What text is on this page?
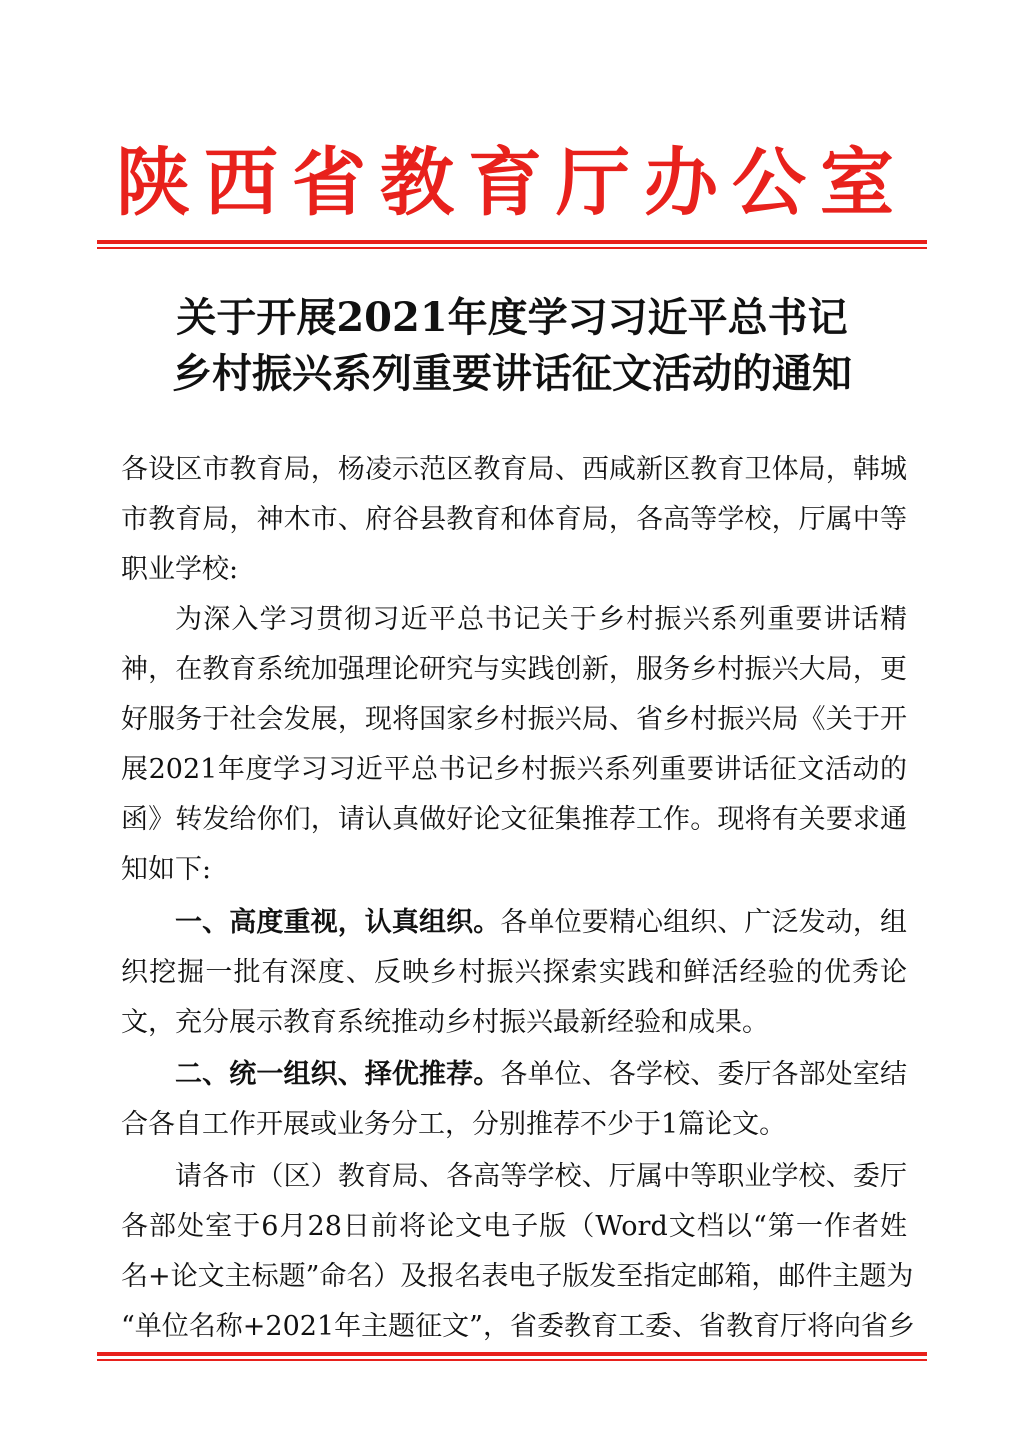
陕西省教育厅办公室
关于开展2021年度学习习近平总书记
乡村振兴系列重要讲话征文活动的通知
各设区市教育局，杨凌示范区教育局、西咸新区教育卫体局，韩城
市教育局，神木市、府谷县教育和体育局，各高等学校，厅属中等
职业学校:
为深入学习贯彻习近平总书记关于乡村振兴系列重要讲话精
神，在教育系统加强理论研究与实践创新，服务乡村振兴大局，更
好服务于社会发展，现将国家乡村振兴局、省乡村振兴局《关于开
展2021年度学习习近平总书记乡村振兴系列重要讲话征文活动的
函》转发给你们，请认真做好论文征集推荐工作。现将有关要求通
知如下:
一、高度重视，认真组织。各单位要精心组织、广泛发动，组
织挖掘一批有深度、反映乡村振兴探索实践和鲜活经验的优秀论
文，充分展示教育系统推动乡村振兴最新经验和成果。
二、统一组织、择优推荐。各单位、各学校、委厅各部处室结
合各自工作开展或业务分工，分别推荐不少于1篇论文。
请各市（区）教育局、各高等学校、厅属中等职业学校、委厅
各部处室于6月28日前将论文电子版（Word文档以“第一作者姓
名+论文主标题”命名）及报名表电子版发至指定邮箱，邮件主题为
“单位名称+2021年主题征文”，省委教育工委、省教育厅将向省乡
